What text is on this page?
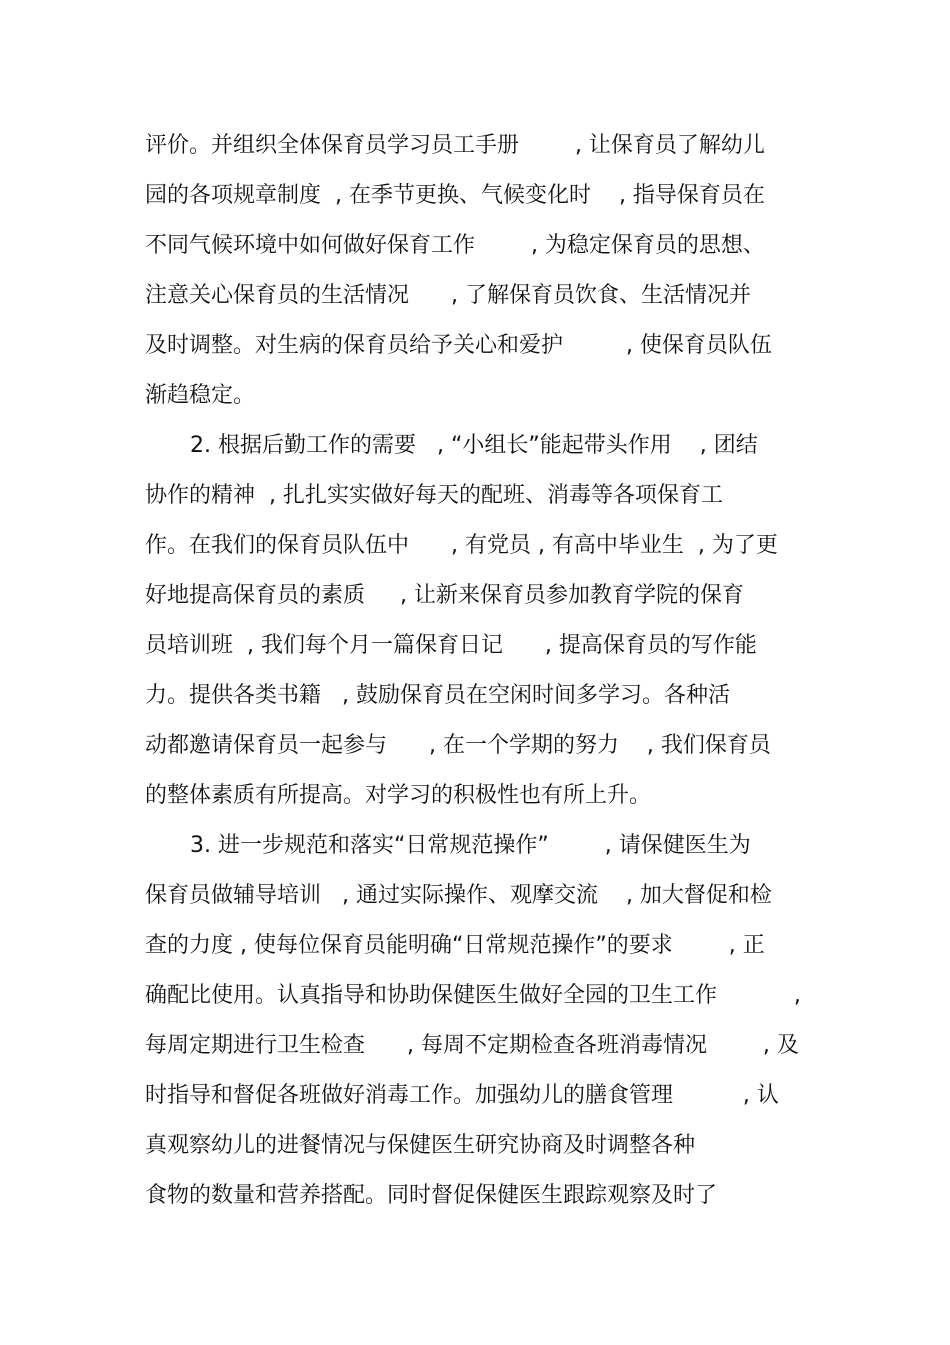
评价。并组织全体保育员学习员工手册        , 让保育员了解幼儿
园的各项规章制度  , 在季节更换、气候变化时    , 指导保育员在
不同气候环境中如何做好保育工作        , 为稳定保育员的思想、
注意关心保育员的生活情况      , 了解保育员饮食、生活情况并
及时调整。对生病的保育员给予关心和爱护         , 使保育员队伍
渐趋稳定。
2. 根据后勤工作的需要   , “小组长”能起带头作用    , 团结
协作的精神  , 扎扎实实做好每天的配班、消毒等各项保育工
作。在我们的保育员队伍中      , 有党员 , 有高中毕业生  , 为了更
好地提高保育员的素质     , 让新来保育员参加教育学院的保育
员培训班  , 我们每个月一篇保育日记      , 提高保育员的写作能
力。提供各类书籍   , 鼓励保育员在空闲时间多学习。各种活
动都邀请保育员一起参与      , 在一个学期的努力    , 我们保育员
的整体素质有所提高。对学习的积极性也有所上升。
3. 进一步规范和落实“日常规范操作”        , 请保健医生为
保育员做辅导培训   , 通过实际操作、观摩交流    , 加大督促和检
查的力度 , 使每位保育员能明确“日常规范操作”的要求        , 正
确配比使用。认真指导和协助保健医生做好全园的卫生工作           ,
每周定期进行卫生检查      , 每周不定期检查各班消毒情况        , 及
时指导和督促各班做好消毒工作。加强幼儿的膳食管理          , 认
真观察幼儿的进餐情况与保健医生研究协商及时调整各种
食物的数量和营养搭配。同时督促保健医生跟踪观察及时了
